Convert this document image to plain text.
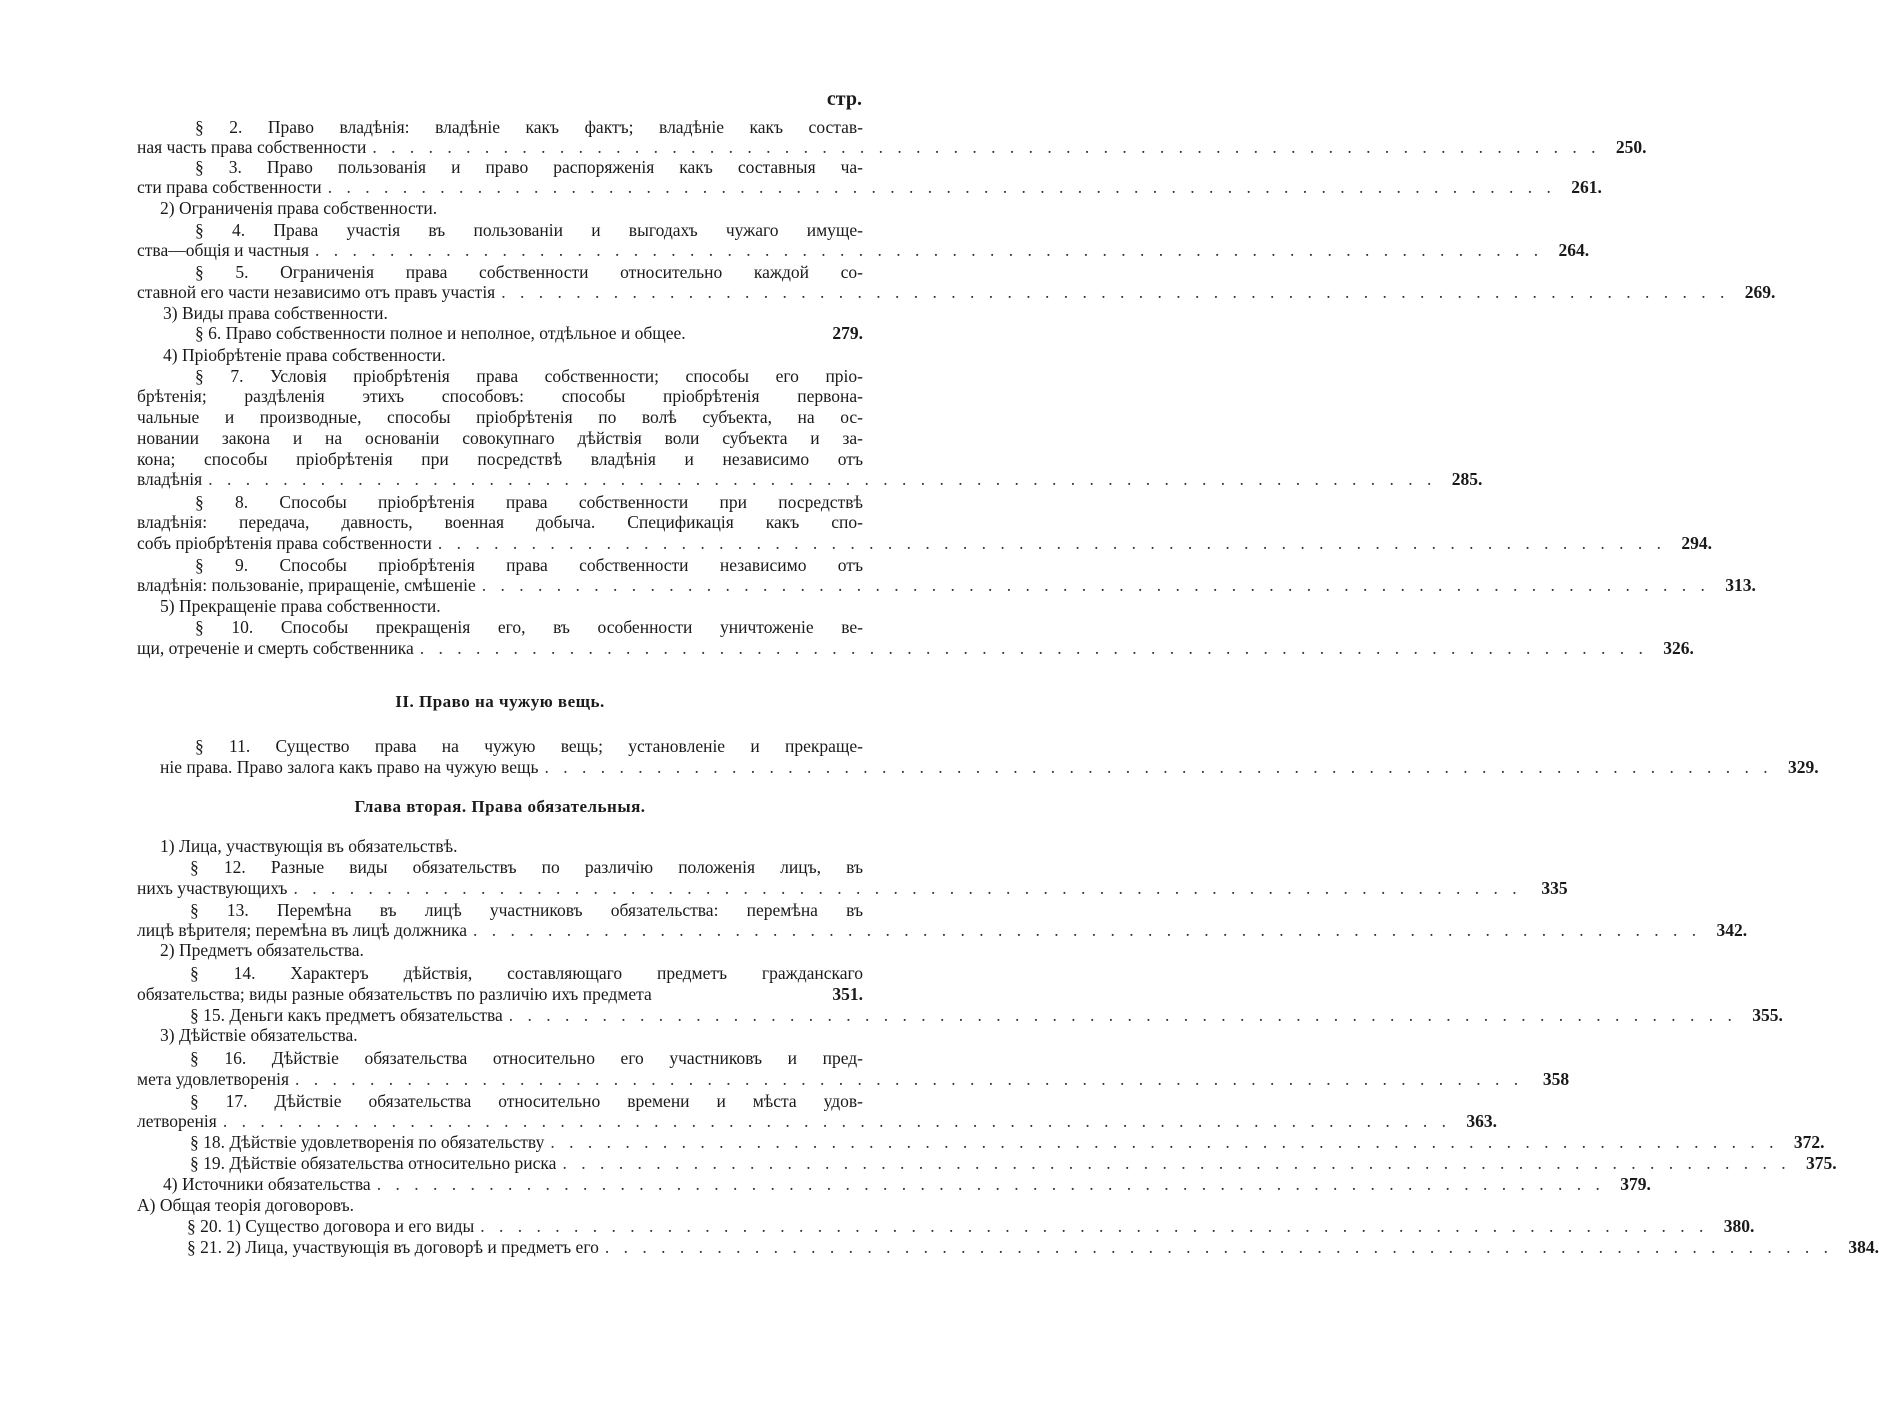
стр.
§ 2. Право владѣнія: владѣніе какъ фактъ; владѣніе какъ состав-
ная часть права собственности . . .	250.
§ 3. Право пользованія и право распоряженія какъ составныя ча-
сти права собственности . . .	261.
2) Ограниченія права собственности.
§ 4. Права участія въ пользованіи и выгодахъ чужаго имуще-
ства—общія и частныя . . .	264.
§ 5. Ограниченія права собственности относительно каждой со-
ставной его части независимо отъ правъ участія . . .	269.
3) Виды права собственности.
§ 6. Право собственности полное и неполное, отдѣльное и общее.	279.
4) Пріобрѣтеніе права собственности.
§ 7. Условія пріобрѣтенія права собственности; способы его пріо-
брѣтенія; раздѣленія этихъ способовъ: способы пріобрѣтенія первона-
чальные и производные, способы пріобрѣтенія по волѣ субъекта, на ос-
новании закона и на основаніи совокупнаго дѣйствія воли субъекта и за-
кона; способы пріобрѣтенія при посредствѣ владѣнія и независимо отъ
владѣнія . . .	285.
§ 8. Способы пріобрѣтенія права собственности при посредствѣ
владѣнія: передача, давность, военная добыча. Спецификація какъ спо-
собъ пріобрѣтенія права собственности . . .	294.
§ 9. Способы пріобрѣтенія права собственности независимо отъ
владѣнія: пользованіе, приращеніе, смѣшеніе . . .	313.
5) Прекращеніе права собственности.
§ 10. Способы прекращенія его, въ особенности уничтоженіе ве-
щи, отреченіе и смерть собственника . . .	326.
§ 11. Существо права на чужую вещь; установленіе и прекраще-
ніе права. Право залога какъ право на чужую вещь . . .	329.
1) Лица, участвующія въ обязательствѣ.
§ 12. Разные виды обязательствъ по различію положенія лицъ, въ
нихъ участвующихъ . . .	335
§ 13. Перемѣна въ лицѣ участниковъ обязательства: перемѣна въ
лицѣ вѣрителя; перемѣна въ лицѣ должника . . .	342.
2) Предметъ обязательства.
§ 14. Характеръ дѣйствія, составляющаго предметъ гражданскаго
обязательства; виды разные обязательствъ по различію ихъ предмета	351.
§ 15. Деньги какъ предметъ обязательства . . .	355.
3) Дѣйствіе обязательства.
§ 16. Дѣйствіе обязательства относительно его участниковъ и пред-
мета удовлетворенія . . .	358
§ 17. Дѣйствіе обязательства относительно времени и мѣста удов-
летворенія . . .	363.
§ 18. Дѣйствіе удовлетворенія по обязательству . . .	372.
§ 19. Дѣйствіе обязательства относительно риска . . .	375.
4) Источники обязательства . . .	379.
А) Общая теорія договоровъ.
§ 20. 1) Существо договора и его виды . . .	380.
§ 21. 2) Лица, участвующія въ договорѣ и предметъ его . . .	384.
II. Право на чужую вещь.
Глава вторая. Права обязательныя.
